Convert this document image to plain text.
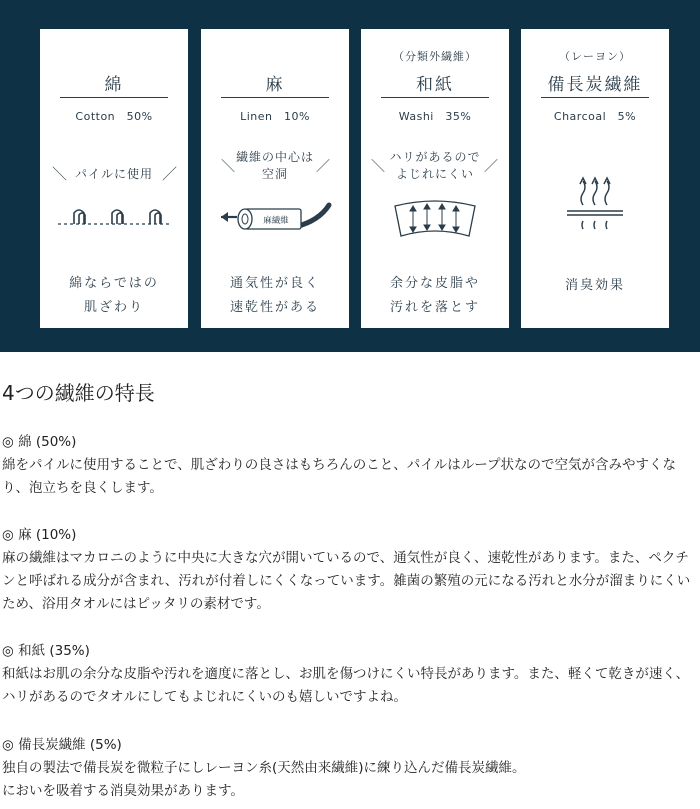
綿
Cotton　50%
＼ パイルに使用 ／
綿ならではの
肌ざわり
麻
Linen　10%
繊維の中心は
空洞
＼	／
麻繊維
通気性が良く
速乾性がある
（分類外繊維）
和紙
Washi　35%
ハリがあるので
よじれにくい
＼	／
余分な皮脂や
汚れを落とす
（レーヨン）
備長炭繊維
Charcoal　5%
消臭効果
4つの繊維の特長
◎ 綿 (50%)
綿をパイルに使用することで、肌ざわりの良さはもちろんのこと、パイルはループ状なので空気が含みやすくなり、泡立ちを良くします。
◎ 麻 (10%)
麻の繊維はマカロニのように中央に大きな穴が開いているので、通気性が良く、速乾性があります。また、ペクチンと呼ばれる成分が含まれ、汚れが付着しにくくなっています。雑菌の繁殖の元になる汚れと水分が溜まりにくいため、浴用タオルにはピッタリの素材です。
◎ 和紙 (35%)
和紙はお肌の余分な皮脂や汚れを適度に落とし、お肌を傷つけにくい特長があります。また、軽くて乾きが速く、ハリがあるのでタオルにしてもよじれにくいのも嬉しいですよね。
◎ 備長炭繊維 (5%)
独自の製法で備長炭を微粒子にしレーヨン糸(天然由来繊維)に練り込んだ備長炭繊維。
においを吸着する消臭効果があります。
